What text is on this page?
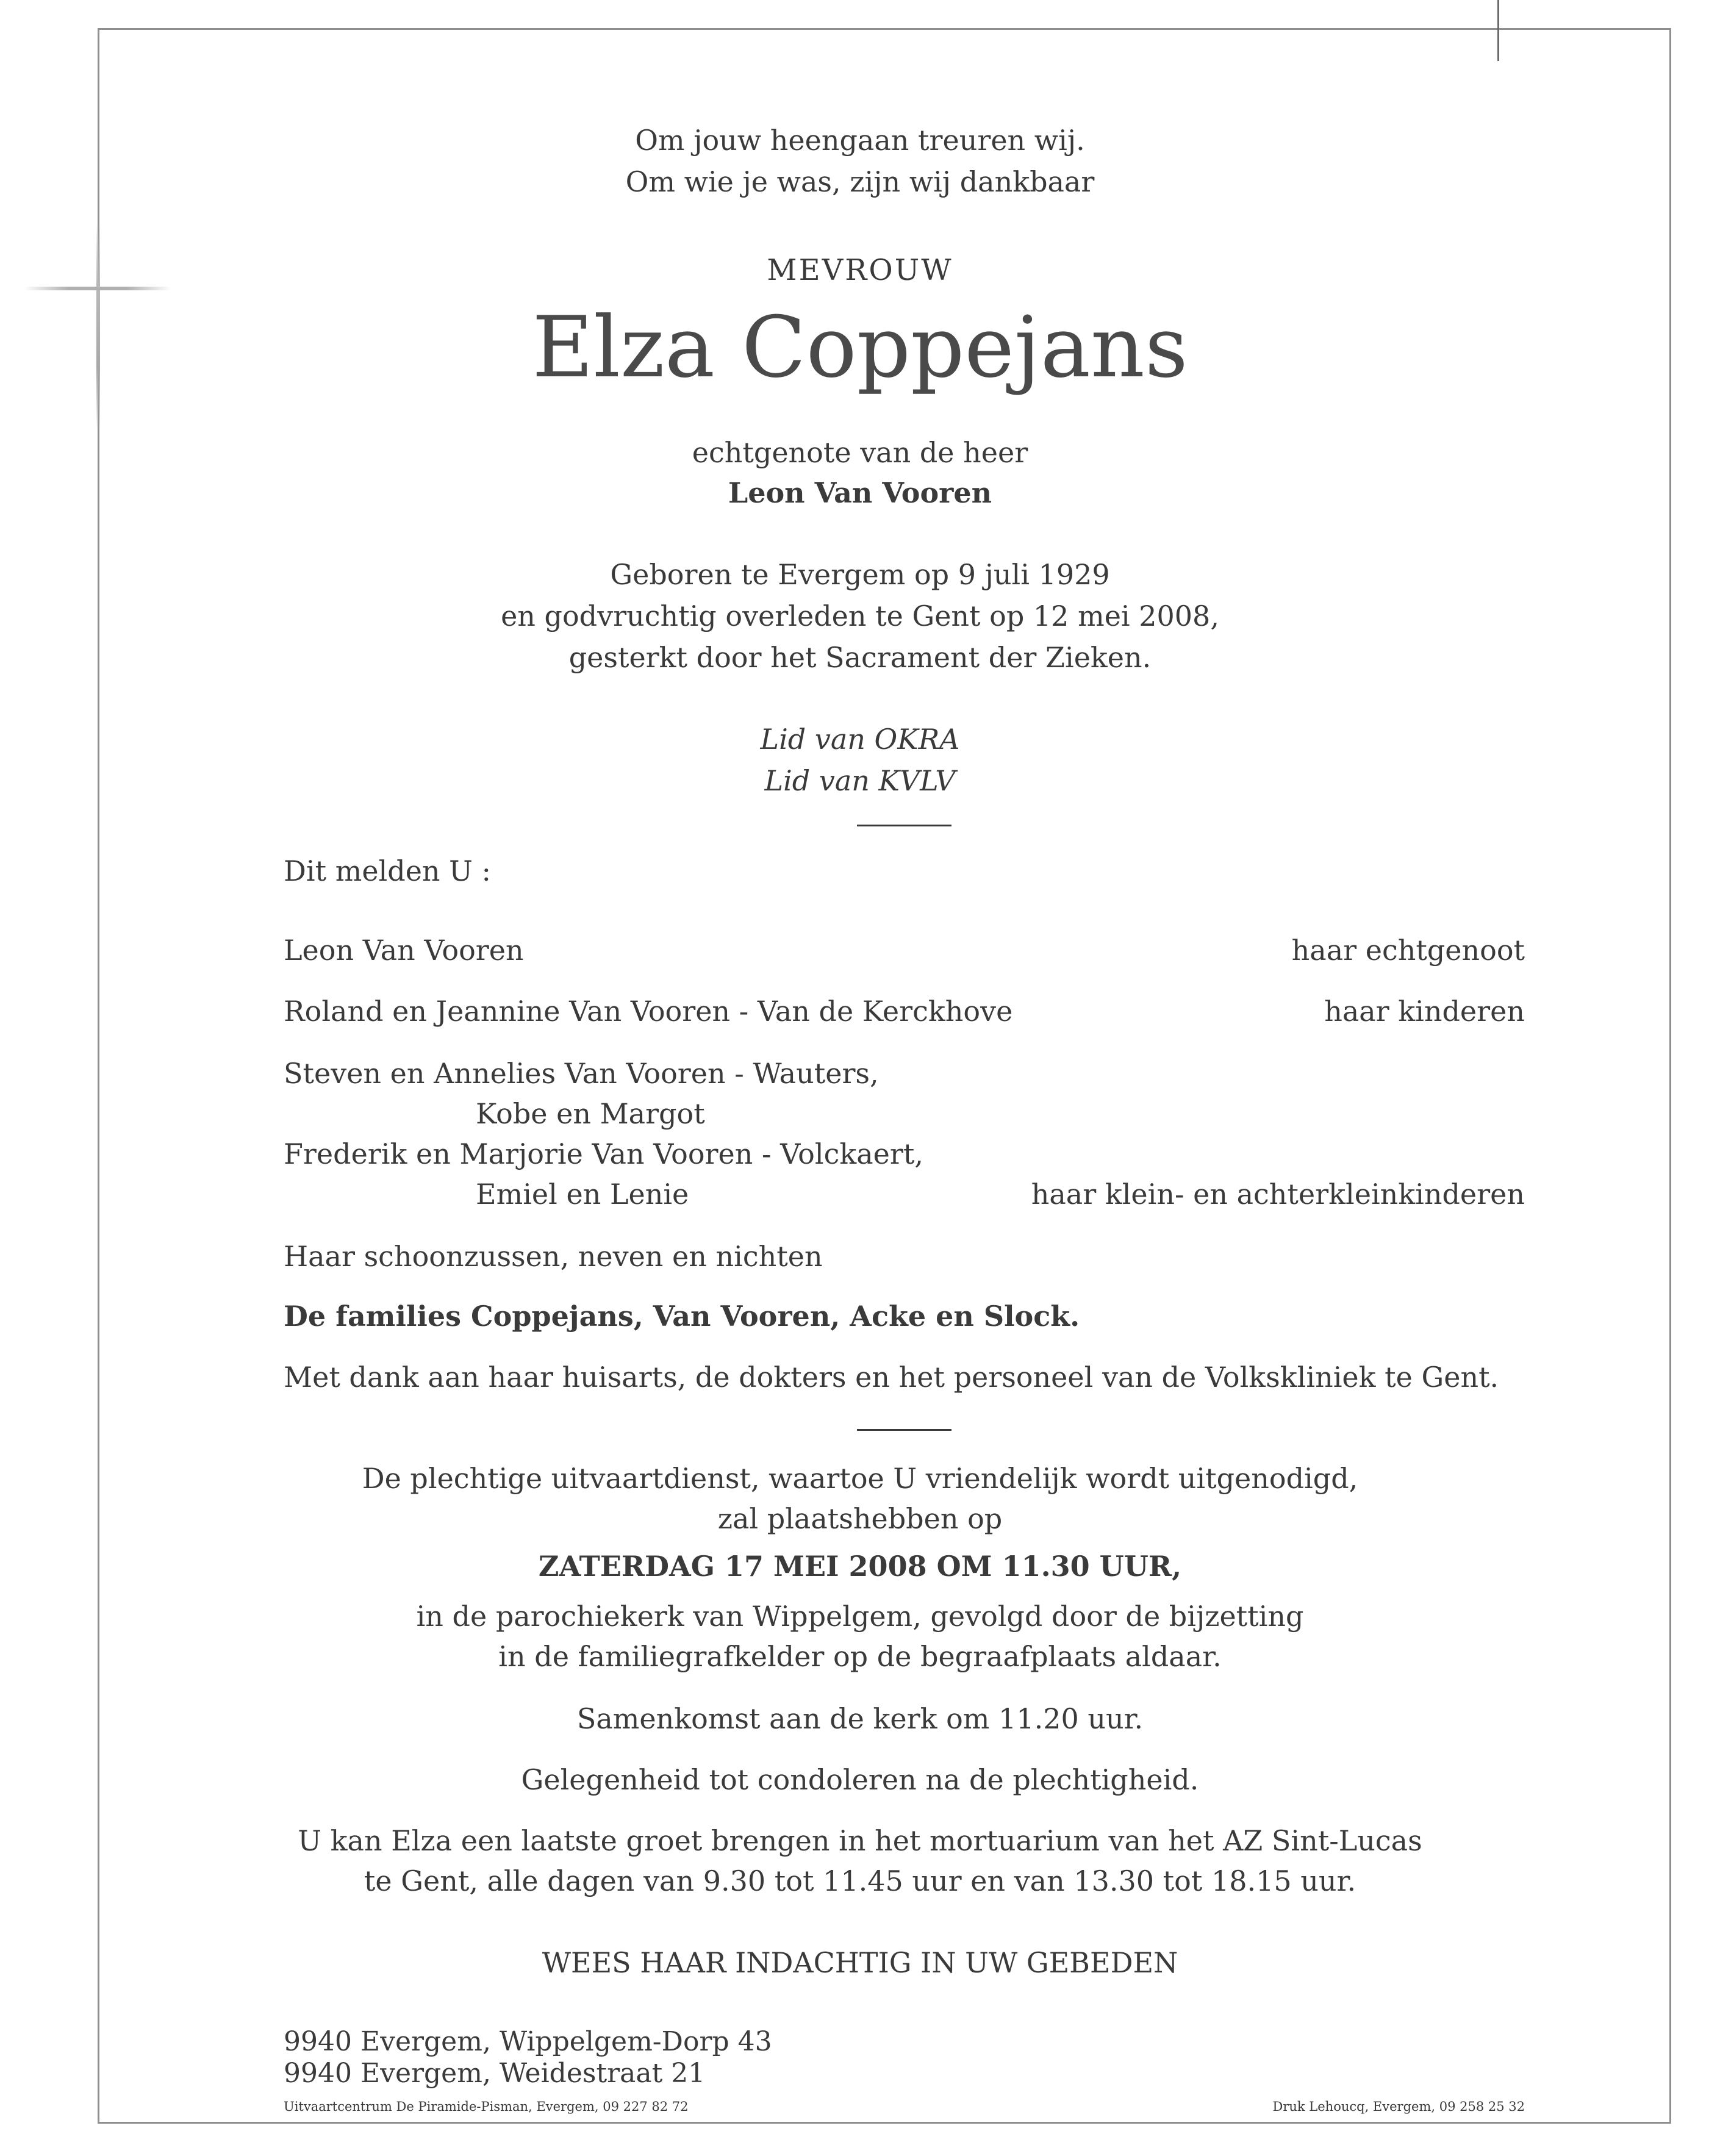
Om jouw heengaan treuren wij.
Om wie je was, zijn wij dankbaar
MEVROUW
Elza Coppejans
echtgenote van de heer
Leon Van Vooren
Geboren te Evergem op 9 juli 1929
en godvruchtig overleden te Gent op 12 mei 2008,
gesterkt door het Sacrament der Zieken.
Lid van OKRA
Lid van KVLV
Dit melden U :
Leon Van Vooren	haar echtgenoot
Roland en Jeannine Van Vooren - Van de Kerckhove	haar kinderen
Steven en Annelies Van Vooren - Wauters,
Kobe en Margot
Frederik en Marjorie Van Vooren - Volckaert,
Emiel en Lenie	haar klein- en achterkleinkinderen
Haar schoonzussen, neven en nichten
De families Coppejans, Van Vooren, Acke en Slock.
Met dank aan haar huisarts, de dokters en het personeel van de Volkskliniek te Gent.
De plechtige uitvaartdienst, waartoe U vriendelijk wordt uitgenodigd,
zal plaatshebben op
ZATERDAG 17 MEI 2008 OM 11.30 UUR,
in de parochiekerk van Wippelgem, gevolgd door de bijzetting
in de familiegrafkelder op de begraafplaats aldaar.
Samenkomst aan de kerk om 11.20 uur.
Gelegenheid tot condoleren na de plechtigheid.
U kan Elza een laatste groet brengen in het mortuarium van het AZ Sint-Lucas
te Gent, alle dagen van 9.30 tot 11.45 uur en van 13.30 tot 18.15 uur.
WEES HAAR INDACHTIG IN UW GEBEDEN
9940 Evergem, Wippelgem-Dorp 43
9940 Evergem, Weidestraat 21
Uitvaartcentrum De Piramide-Pisman, Evergem, 09 227 82 72	Druk Lehoucq, Evergem, 09 258 25 32
